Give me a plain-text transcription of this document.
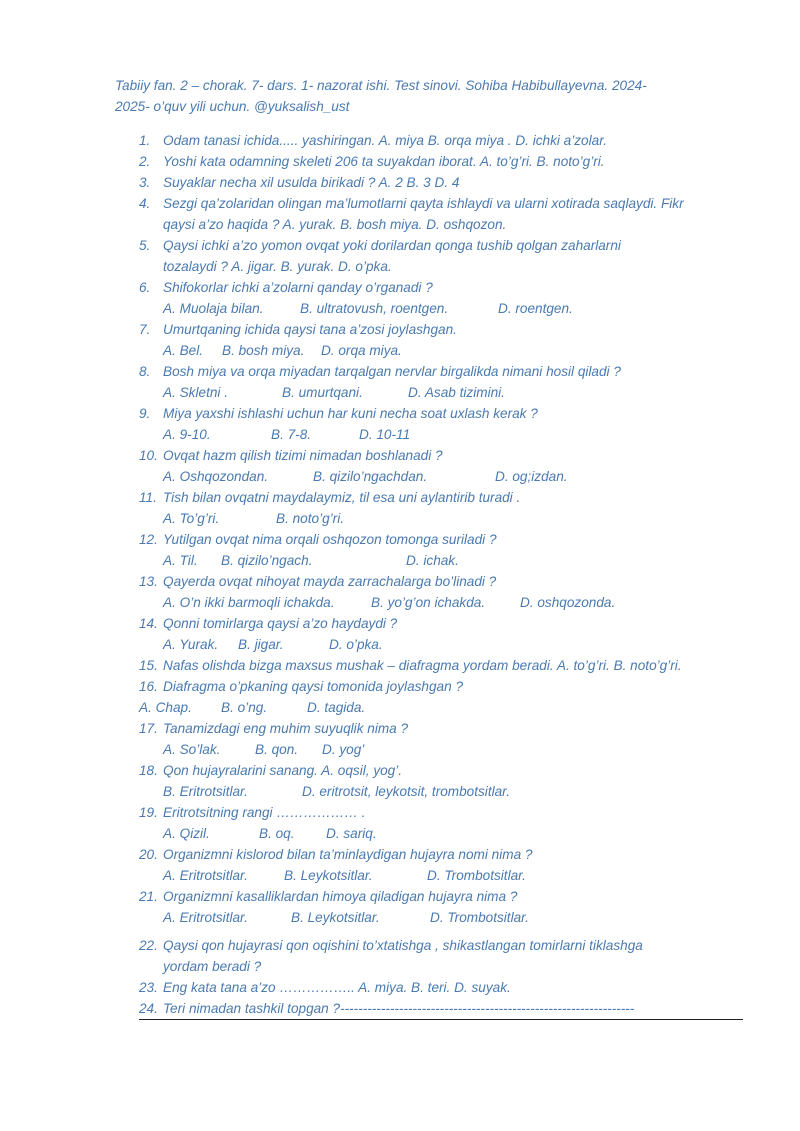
Tabiiy fan. 2 – chorak. 7- dars. 1- nazorat ishi. Test sinovi. Sohiba Habibullayevna. 2024-
2025- o’quv yili uchun. @yuksalish_ust
1. Odam tanasi ichida..... yashiringan. A. miya B. orqa miya . D. ichki a’zolar.
2. Yoshi kata odamning skeleti 206 ta suyakdan iborat. A. to’g’ri. B. noto’g’ri.
3. Suyaklar necha xil usulda birikadi ? A. 2 B. 3 D. 4
4. Sezgi qa’zolaridan olingan ma’lumotlarni qayta ishlaydi va ularni xotirada saqlaydi. Fikr
qaysi a’zo haqida ? A. yurak. B. bosh miya. D. oshqozon.
5. Qaysi ichki a’zo yomon ovqat yoki dorilardan qonga tushib qolgan zaharlarni
tozalaydi ? A. jigar. B. yurak. D. o’pka.
6. Shifokorlar ichki a’zolarni qanday o’rganadi ?
A. Muolaja bilan.	B. ultratovush, roentgen.	D. roentgen.
7. Umurtqaning ichida qaysi tana a’zosi joylashgan.
A. Bel. B. bosh miya. D. orqa miya.
8. Bosh miya va orqa miyadan tarqalgan nervlar birgalikda nimani hosil qiladi ?
A. Skletni .	B. umurtqani.	D. Asab tizimini.
9. Miya yaxshi ishlashi uchun har kuni necha soat uxlash kerak ?
A. 9-10.	B. 7-8.	D. 10-11
10. Ovqat hazm qilish tizimi nimadan boshlanadi ?
A. Oshqozondan.	B. qizilo’ngachdan.	D. og;izdan.
11. Tish bilan ovqatni maydalaymiz, til esa uni aylantirib turadi .
A. To’g’ri.	B. noto’g’ri.
12. Yutilgan ovqat nima orqali oshqozon tomonga suriladi ?
A. Til. B. qizilo’ngach.	D. ichak.
13. Qayerda ovqat nihoyat mayda zarrachalarga bo’linadi ?
A. O’n ikki barmoqli ichakda.	B. yo’g’on ichakda.	D. oshqozonda.
14. Qonni tomirlarga qaysi a’zo haydaydi ?
A. Yurak. B. jigar.	D. o’pka.
15. Nafas olishda bizga maxsus mushak – diafragma yordam beradi. A. to’g’ri. B. noto’g’ri.
16. Diafragma o’pkaning qaysi tomonida joylashgan ?
A. Chap. B. o’ng.	D. tagida.
17. Tanamizdagi eng muhim suyuqlik nima ?
A. So’lak.	B. qon. D. yog’
18. Qon hujayralarini sanang. A. oqsil, yog’.
B. Eritrotsitlar.	D. eritrotsit, leykotsit, trombotsitlar.
19. Eritrotsitning rangi ……………… .
A. Qizil.	B. oq. D. sariq.
20. Organizmni kislorod bilan ta’minlaydigan hujayra nomi nima ?
A. Eritrotsitlar.	B. Leykotsitlar.	D. Trombotsitlar.
21. Organizmni kasalliklardan himoya qiladigan hujayra nima ?
A. Eritrotsitlar.	B. Leykotsitlar.	D. Trombotsitlar.
22. Qaysi qon hujayrasi qon oqishini to’xtatishga , shikastlangan tomirlarni tiklashga
yordam beradi ?
23. Eng kata tana a’zo …………….. A. miya. B. teri. D. suyak.
24. Teri nimadan tashkil topgan ?-----------------------------------------------------------------
